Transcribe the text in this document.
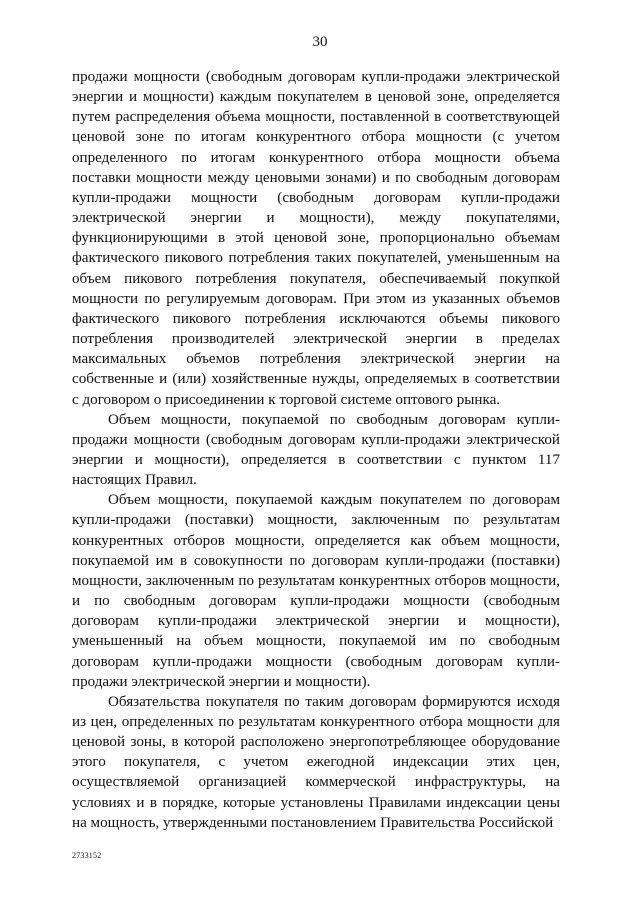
30

продажи мощности (свободным договорам купли-продажи электрической энергии и мощности) каждым покупателем в ценовой зоне, определяется путем распределения объема мощности, поставленной в соответствующей ценовой зоне по итогам конкурентного отбора мощности (с учетом определенного по итогам конкурентного отбора мощности объема поставки мощности между ценовыми зонами) и по свободным договорам купли-продажи мощности (свободным договорам купли-продажи электрической энергии и мощности), между покупателями, функционирующими в этой ценовой зоне, пропорционально объемам фактического пикового потребления таких покупателей, уменьшенным на объем пикового потребления покупателя, обеспечиваемый покупкой мощности по регулируемым договорам. При этом из указанных объемов фактического пикового потребления исключаются объемы пикового потребления производителей электрической энергии в пределах максимальных объемов потребления электрической энергии на собственные и (или) хозяйственные нужды, определяемых в соответствии с договором о присоединении к торговой системе оптового рынка.

Объем мощности, покупаемой по свободным договорам купли-продажи мощности (свободным договорам купли-продажи электрической энергии и мощности), определяется в соответствии с пунктом 117 настоящих Правил.

Объем мощности, покупаемой каждым покупателем по договорам купли-продажи (поставки) мощности, заключенным по результатам конкурентных отборов мощности, определяется как объем мощности, покупаемой им в совокупности по договорам купли-продажи (поставки) мощности, заключенным по результатам конкурентных отборов мощности, и по свободным договорам купли-продажи мощности (свободным договорам купли-продажи электрической энергии и мощности), уменьшенный на объем мощности, покупаемой им по свободным договорам купли-продажи мощности (свободным договорам купли-продажи электрической энергии и мощности).

Обязательства покупателя по таким договорам формируются исходя из цен, определенных по результатам конкурентного отбора мощности для ценовой зоны, в которой расположено энергопотребляющее оборудование этого покупателя, с учетом ежегодной индексации этих цен, осуществляемой организацией коммерческой инфраструктуры, на условиях и в порядке, которые установлены Правилами индексации цены на мощность, утвержденными постановлением Правительства Российской

2733152
